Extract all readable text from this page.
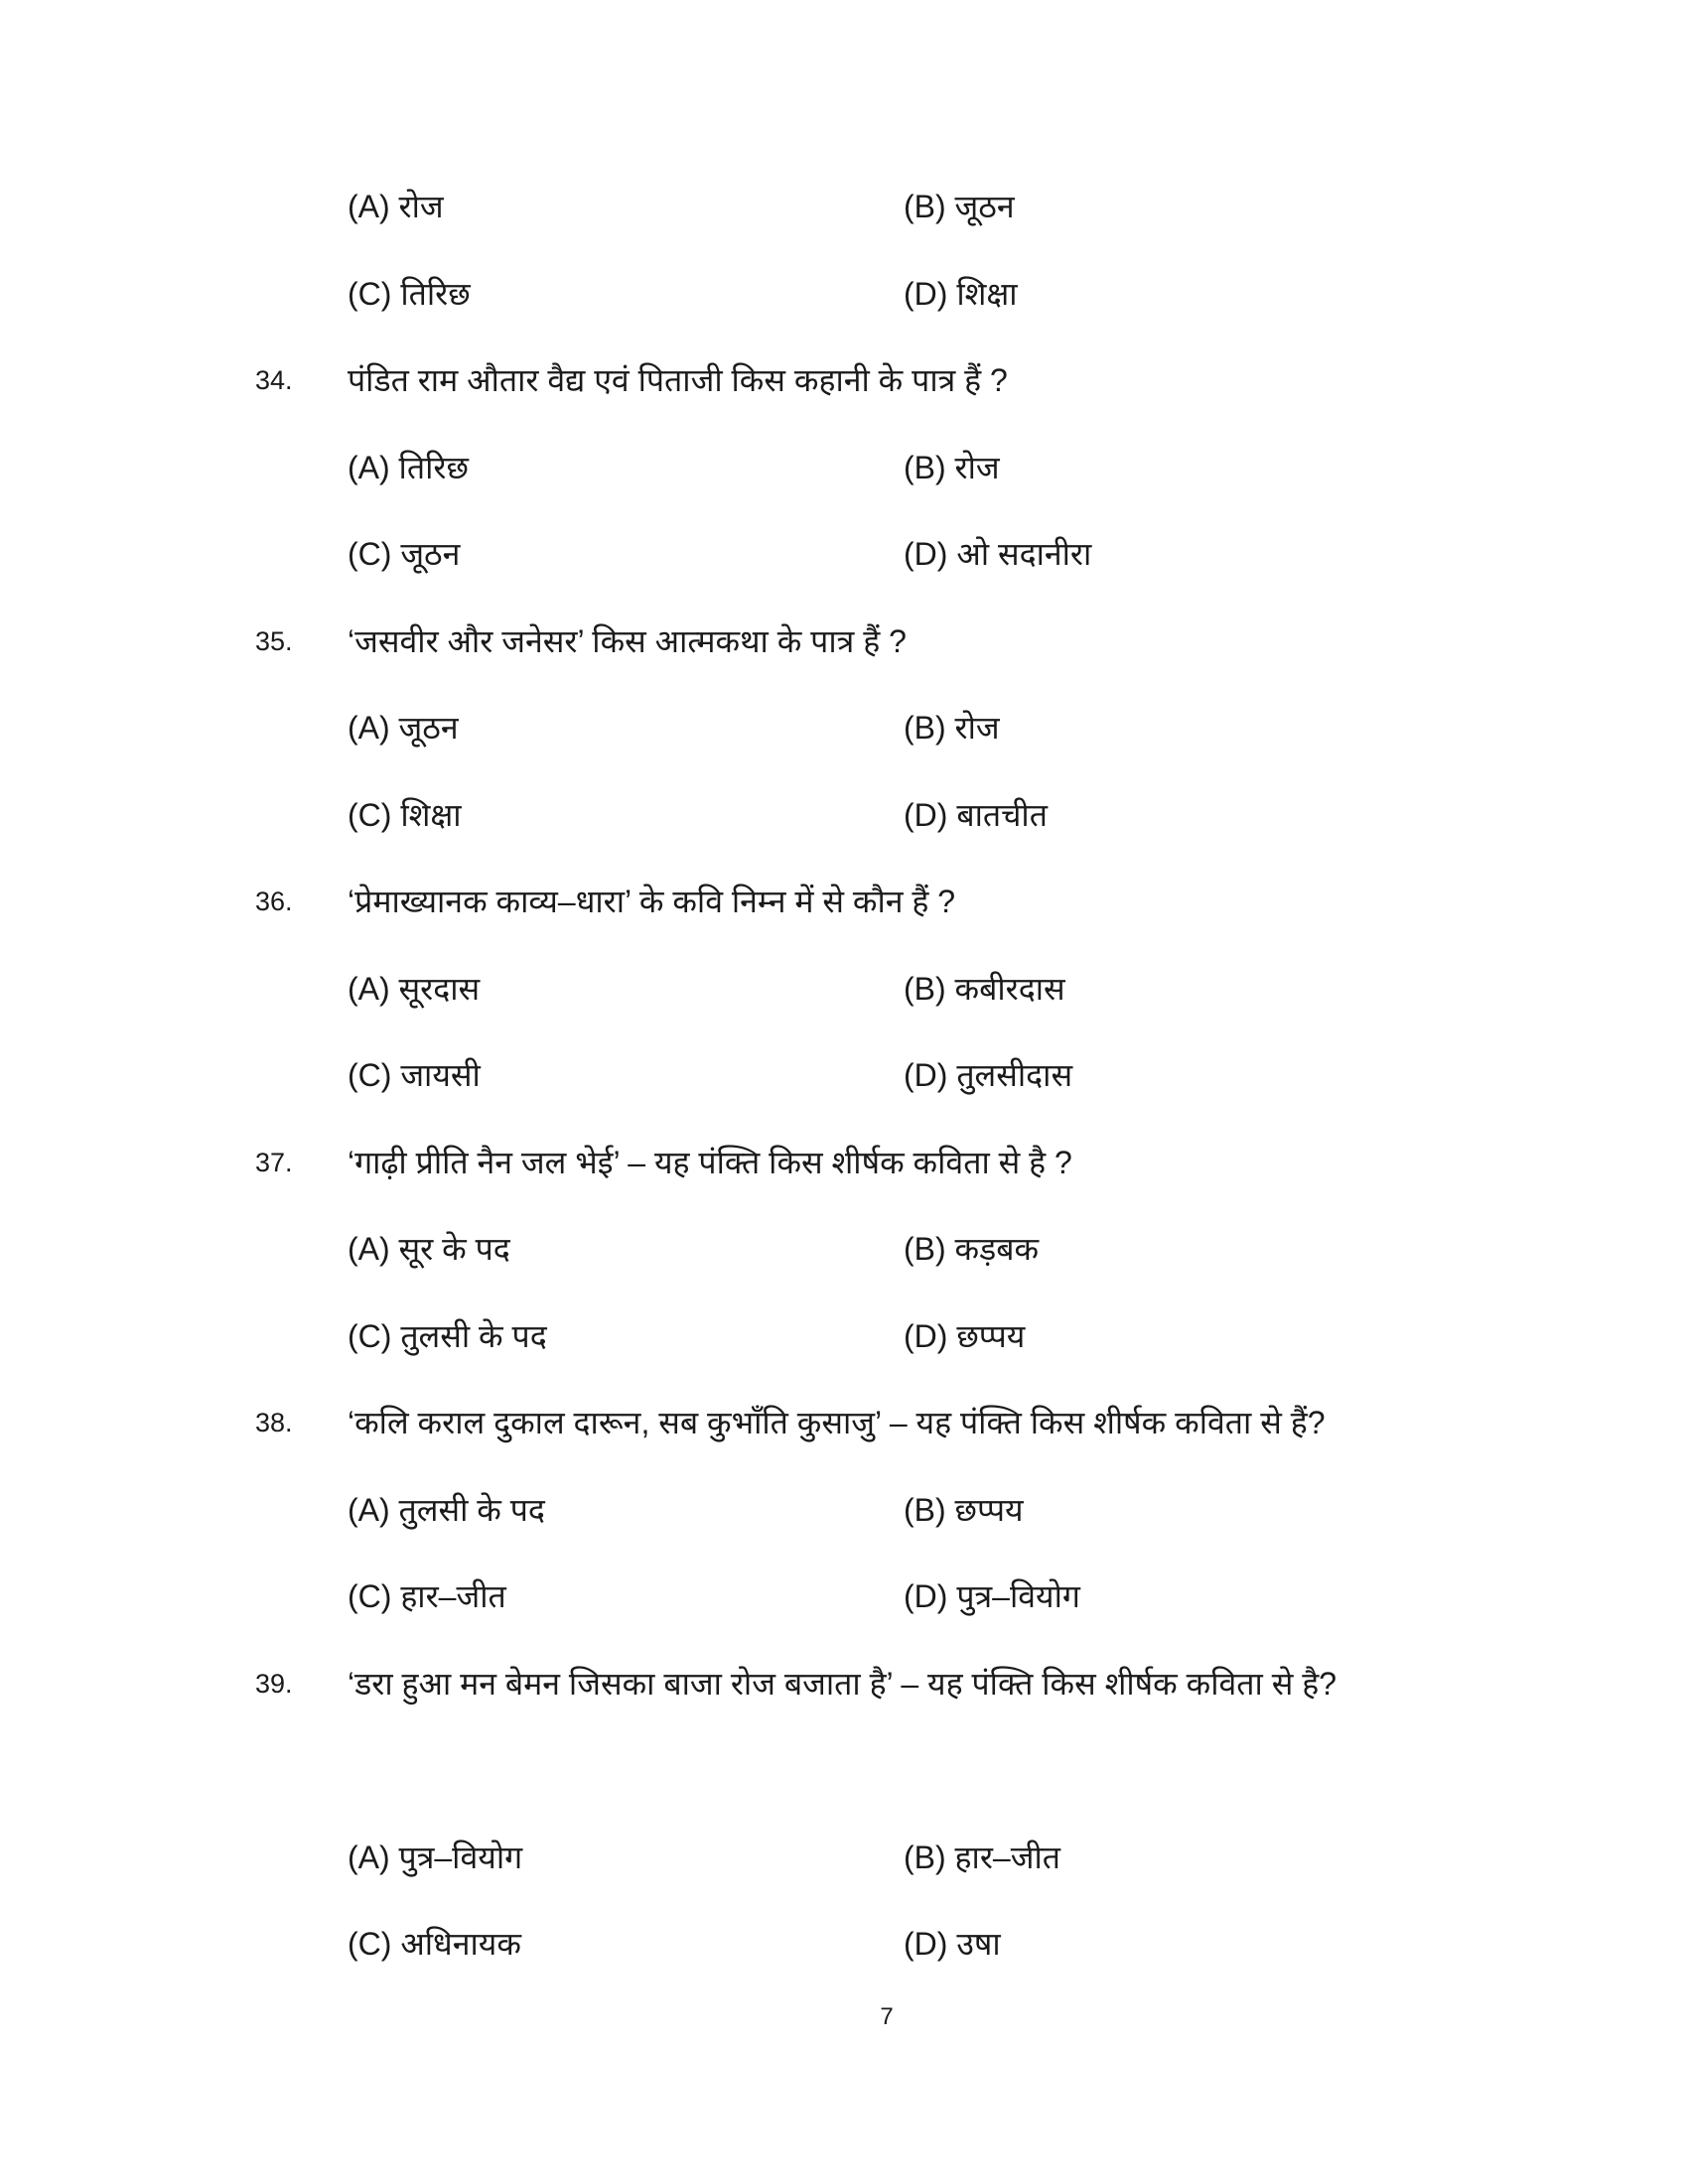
(A) रोज	(B) जूठन
(C) तिरिछ	(D) शिक्षा
34. पंडित राम औतार वैद्य एवं पिताजी किस कहानी के पात्र हैं ?
(A) तिरिछ	(B) रोज
(C) जूठन	(D) ओ सदानीरा
35. ‘जसवीर और जनेसर’ किस आत्मकथा के पात्र हैं ?
(A) जूठन	(B) रोज
(C) शिक्षा	(D) बातचीत
36. ‘प्रेमाख्यानक काव्य–धारा’ के कवि निम्न में से कौन हैं ?
(A) सूरदास	(B) कबीरदास
(C) जायसी	(D) तुलसीदास
37. ‘गाढ़ी प्रीति नैन जल भेई’ – यह पंक्ति किस शीर्षक कविता से है ?
(A) सूर के पद	(B) कड़बक
(C) तुलसी के पद	(D) छप्पय
38. ‘कलि कराल दुकाल दारून, सब कुभाँति कुसाजु’ – यह पंक्ति किस शीर्षक कविता से हैं?
(A) तुलसी के पद	(B) छप्पय
(C) हार–जीत	(D) पुत्र–वियोग
39. ‘डरा हुआ मन बेमन जिसका बाजा रोज बजाता है’ – यह पंक्ति किस शीर्षक कविता से है?
(A) पुत्र–वियोग	(B) हार–जीत
(C) अधिनायक	(D) उषा
7
